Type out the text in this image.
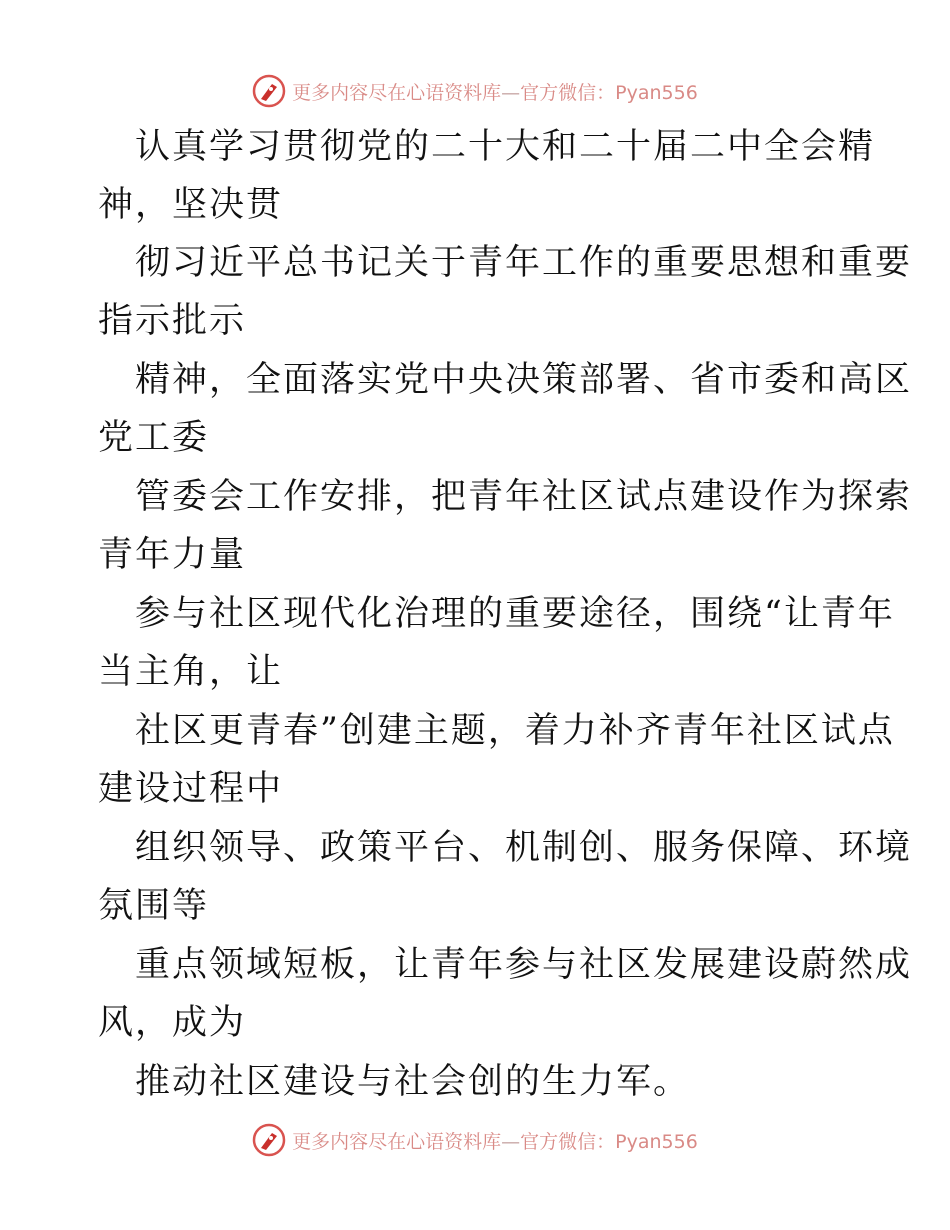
更多内容尽在心语资料库—官方微信：Pyan556
认真学习贯彻党的二十大和二十届二中全会精
神，坚决贯
彻习近平总书记关于青年工作的重要思想和重要
指示批示
精神，全面落实党中央决策部署、省市委和高区
党工委
管委会工作安排，把青年社区试点建设作为探索
青年力量
参与社区现代化治理的重要途径，围绕“让青年
当主角，让
社区更青春”创建主题，着力补齐青年社区试点
建设过程中
组织领导、政策平台、机制创、服务保障、环境
氛围等
重点领域短板，让青年参与社区发展建设蔚然成
风，成为
推动社区建设与社会创的生力军。
更多内容尽在心语资料库—官方微信：Pyan556
